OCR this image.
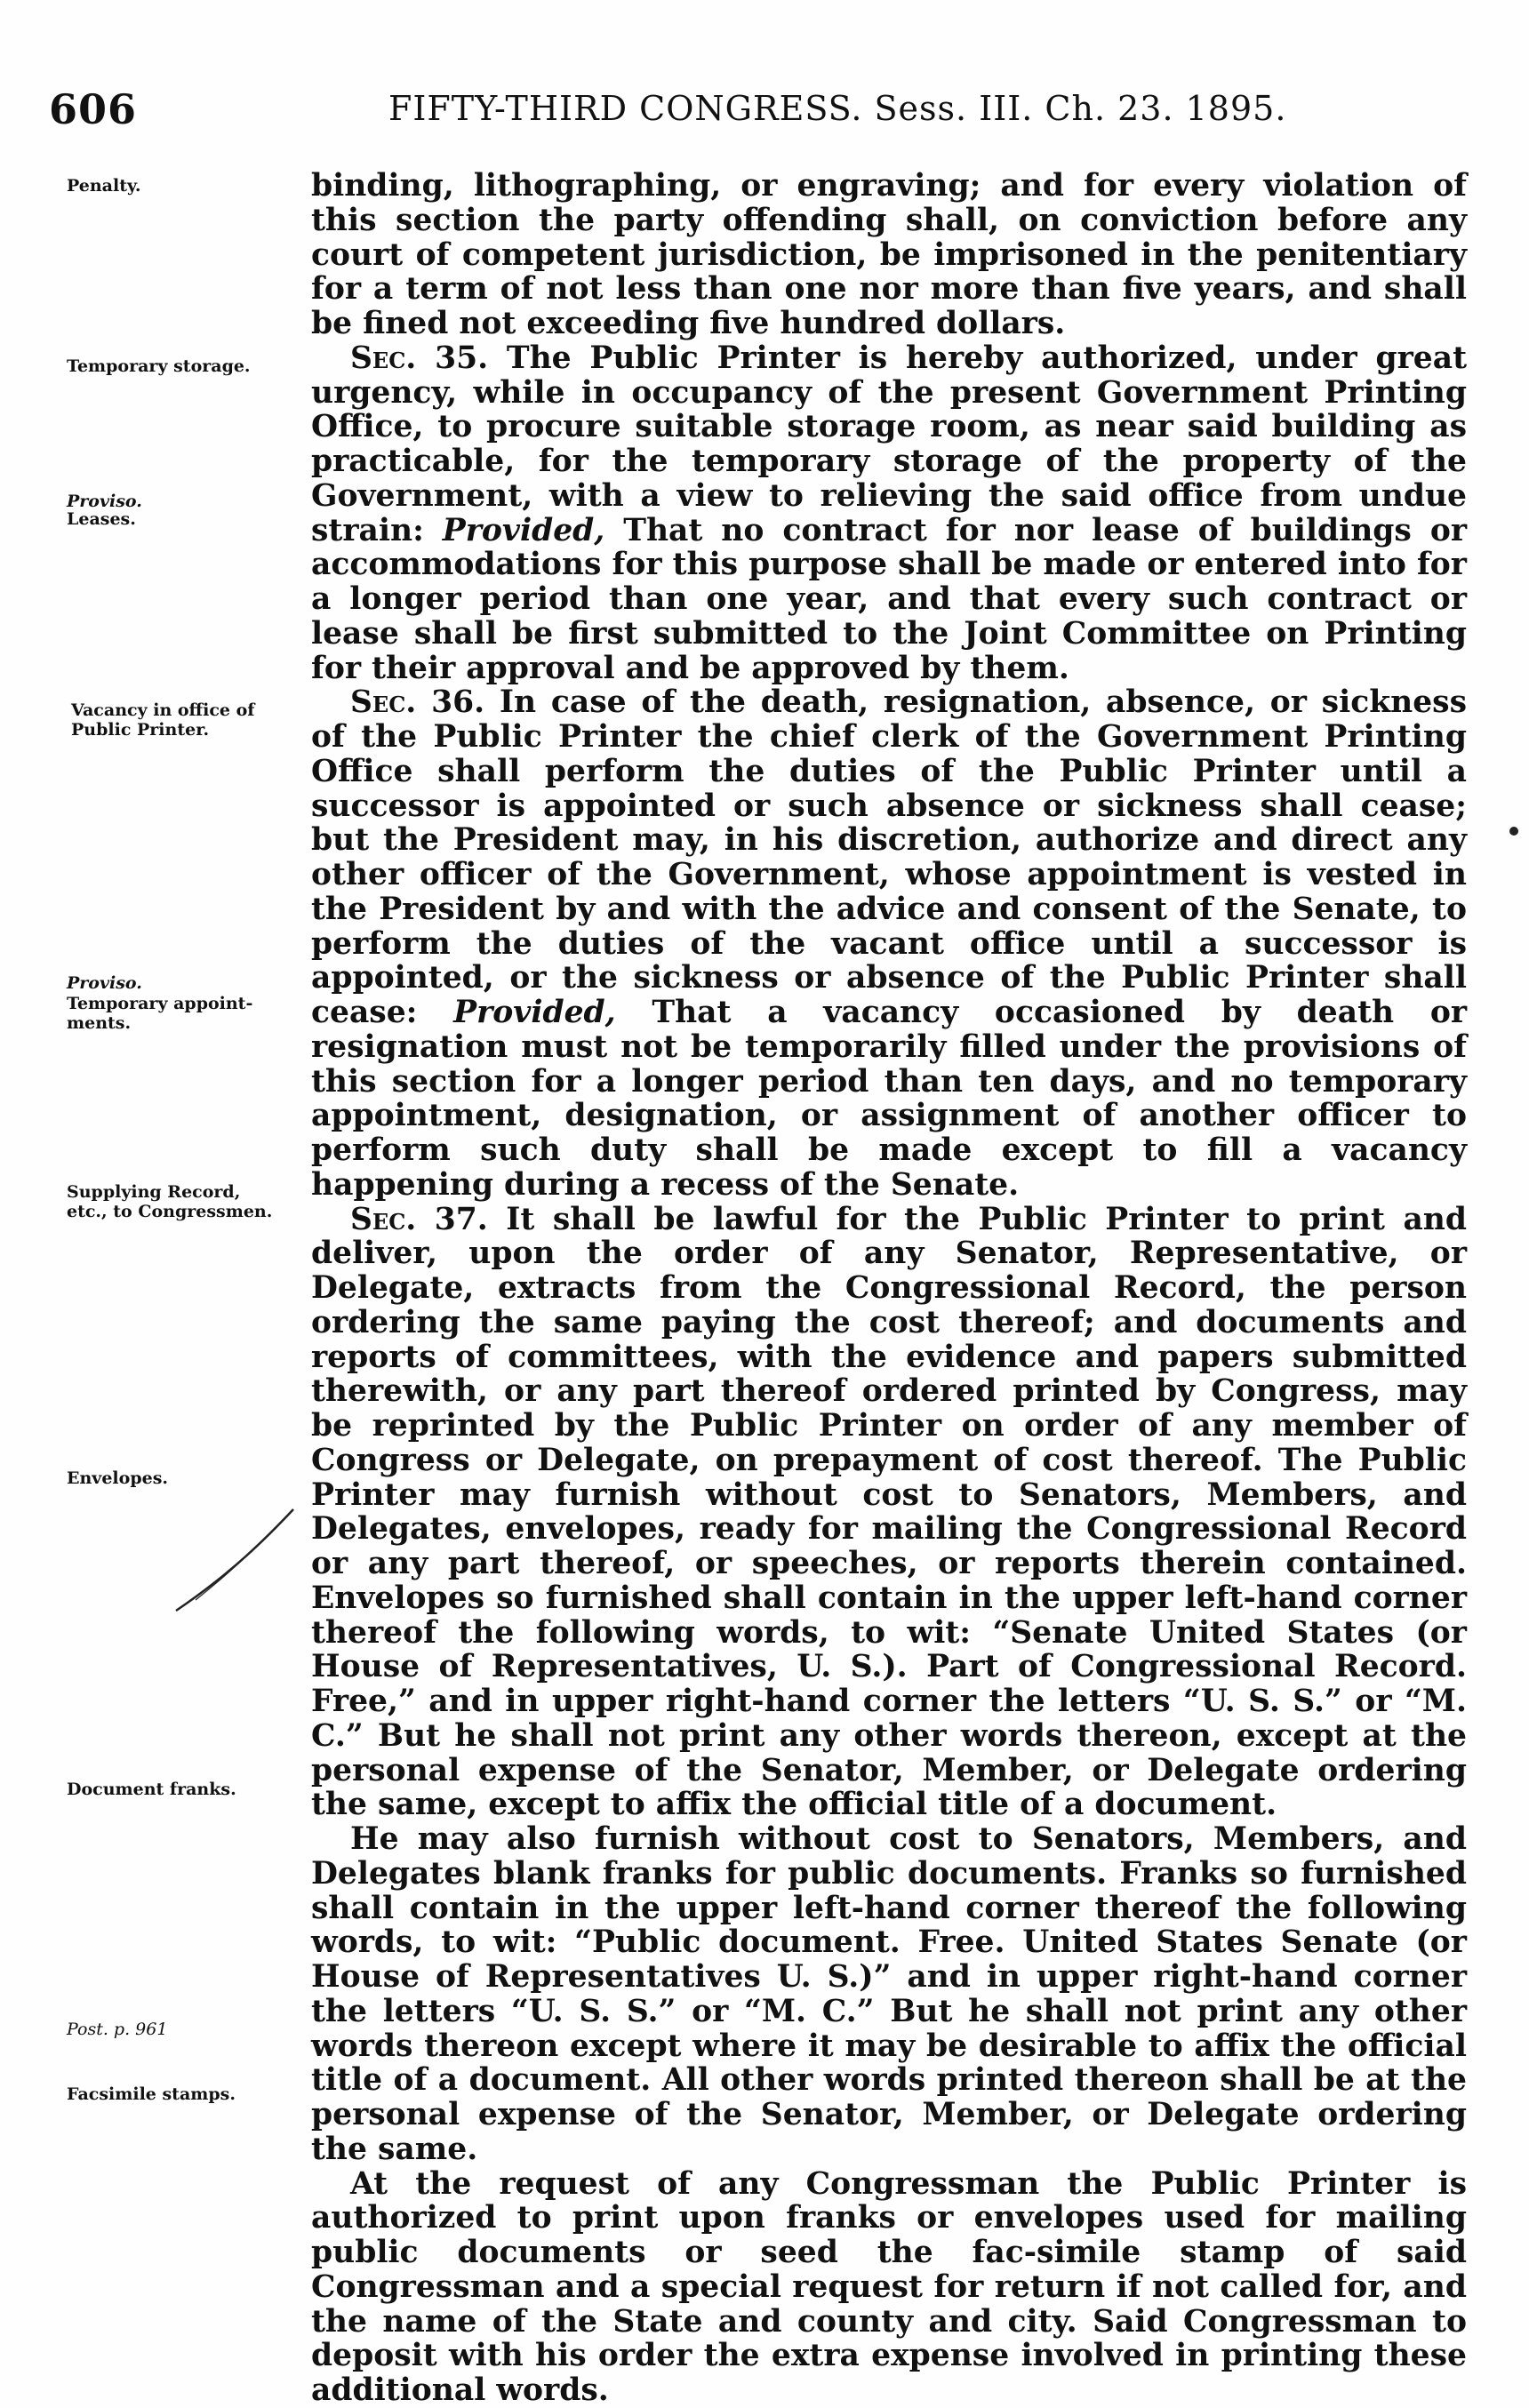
606	FIFTY-THIRD CONGRESS. Sess. III. Ch. 23. 1895.
Penalty.
Temporary storage.
Proviso.
Leases.
Vacancy in office of
Public Printer.
Proviso.
Temporary appoint-
ments.
Supplying Record,
etc., to Congressmen.
Envelopes.
Document franks.
Post. p. 961
Facsimile stamps.

binding, lithographing, or engraving; and for every violation of this section the party offending shall, on conviction before any court of competent jurisdiction, be imprisoned in the penitentiary for a term of not less than one nor more than five years, and shall be fined not exceeding five hundred dollars.

Sec. 35. The Public Printer is hereby authorized, under great urgency, while in occupancy of the present Government Printing Office, to procure suitable storage room, as near said building as practicable, for the temporary storage of the property of the Government, with a view to relieving the said office from undue strain: Provided, That no contract for nor lease of buildings or accommodations for this purpose shall be made or entered into for a longer period than one year, and that every such contract or lease shall be first submitted to the Joint Committee on Printing for their approval and be approved by them.

Sec. 36. In case of the death, resignation, absence, or sickness of the Public Printer the chief clerk of the Government Printing Office shall perform the duties of the Public Printer until a successor is appointed or such absence or sickness shall cease; but the President may, in his discretion, authorize and direct any other officer of the Government, whose appointment is vested in the President by and with the advice and consent of the Senate, to perform the duties of the vacant office until a successor is appointed, or the sickness or absence of the Public Printer shall cease: Provided, That a vacancy occasioned by death or resignation must not be temporarily filled under the provisions of this section for a longer period than ten days, and no temporary appointment, designation, or assignment of another officer to perform such duty shall be made except to fill a vacancy happening during a recess of the Senate.

Sec. 37. It shall be lawful for the Public Printer to print and deliver, upon the order of any Senator, Representative, or Delegate, extracts from the Congressional Record, the person ordering the same paying the cost thereof; and documents and reports of committees, with the evidence and papers submitted therewith, or any part thereof ordered printed by Congress, may be reprinted by the Public Printer on order of any member of Congress or Delegate, on prepayment of cost thereof. The Public Printer may furnish without cost to Senators, Members, and Delegates, envelopes, ready for mailing the Congressional Record or any part thereof, or speeches, or reports therein contained. Envelopes so furnished shall contain in the upper left-hand corner thereof the following words, to wit: “Senate United States (or House of Representatives, U. S.). Part of Congressional Record. Free,” and in upper right-hand corner the letters “U. S. S.” or “M. C.” But he shall not print any other words thereon, except at the personal expense of the Senator, Member, or Delegate ordering the same, except to affix the official title of a document.

He may also furnish without cost to Senators, Members, and Delegates blank franks for public documents. Franks so furnished shall contain in the upper left-hand corner thereof the following words, to wit: “Public document. Free. United States Senate (or House of Representatives U. S.)” and in upper right-hand corner the letters “U. S. S.” or “M. C.” But he shall not print any other words thereon except where it may be desirable to affix the official title of a document. All other words printed thereon shall be at the personal expense of the Senator, Member, or Delegate ordering the same.

At the request of any Congressman the Public Printer is authorized to print upon franks or envelopes used for mailing public documents or seed the fac-simile stamp of said Congressman and a special request for return if not called for, and the name of the State and county and city. Said Congressman to deposit with his order the extra expense involved in printing these additional words.
